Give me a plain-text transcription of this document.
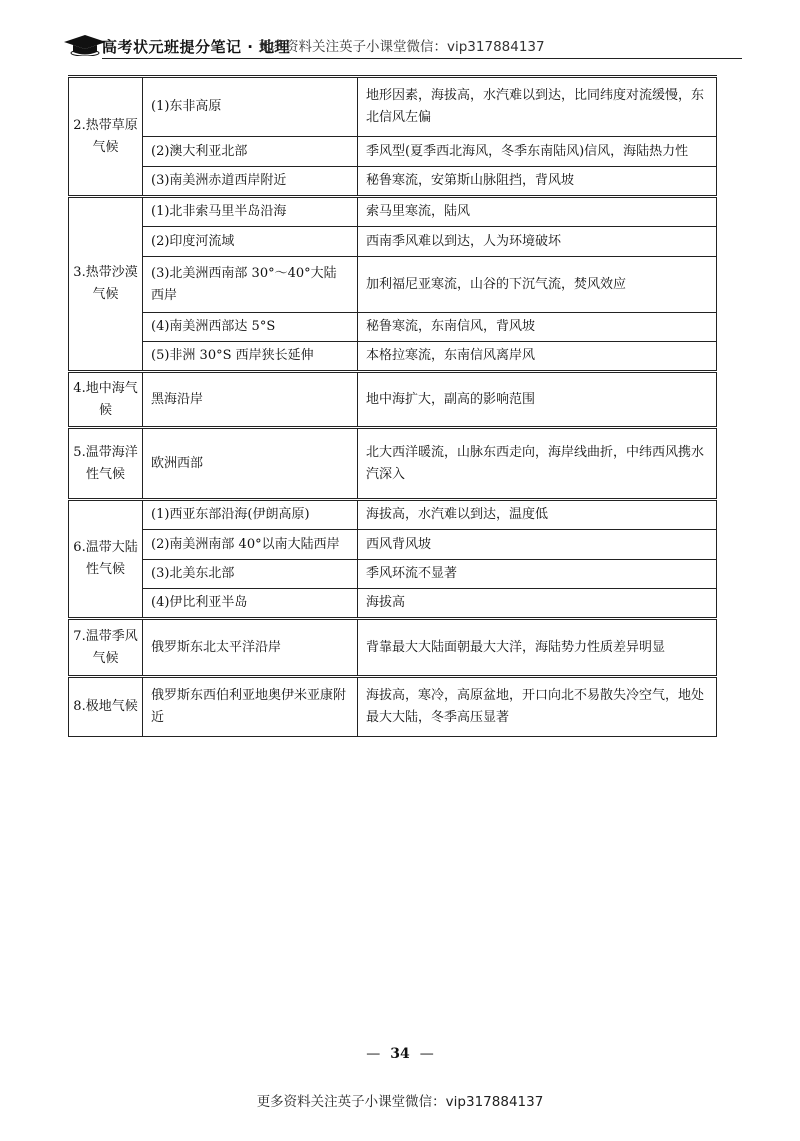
高考状元班提分笔记 · 地理
更多资料关注英子小课堂微信：vip317884137
2.热带草原气候	(1)东非高原	地形因素，海拔高，水汽难以到达，比同纬度对流缓慢，东北信风左偏
	(2)澳大利亚北部	季风型(夏季西北海风，冬季东南陆风)信风，海陆热力性
	(3)南美洲赤道西岸附近	秘鲁寒流，安第斯山脉阻挡，背风坡
3.热带沙漠气候	(1)北非索马里半岛沿海	索马里寒流，陆风
	(2)印度河流域	西南季风难以到达，人为环境破坏
	(3)北美洲西南部 30°～40°大陆西岸	加利福尼亚寒流，山谷的下沉气流，焚风效应
	(4)南美洲西部达 5°S	秘鲁寒流，东南信风，背风坡
	(5)非洲 30°S 西岸狭长延伸	本格拉寒流，东南信风离岸风
4.地中海气候	黑海沿岸	地中海扩大，副高的影响范围
5.温带海洋性气候	欧洲西部	北大西洋暖流，山脉东西走向，海岸线曲折，中纬西风携水汽深入
6.温带大陆性气候	(1)西亚东部沿海(伊朗高原)	海拔高，水汽难以到达，温度低
	(2)南美洲南部 40°以南大陆西岸	西风背风坡
	(3)北美东北部	季风环流不显著
	(4)伊比利亚半岛	海拔高
7.温带季风气候	俄罗斯东北太平洋沿岸	背靠最大大陆面朝最大大洋，海陆势力性质差异明显
8.极地气候	俄罗斯东西伯利亚地奥伊米亚康附近	海拔高，寒冷，高原盆地，开口向北不易散失冷空气，地处最大大陆，冬季高压显著
— 34 —
更多资料关注英子小课堂微信：vip317884137
